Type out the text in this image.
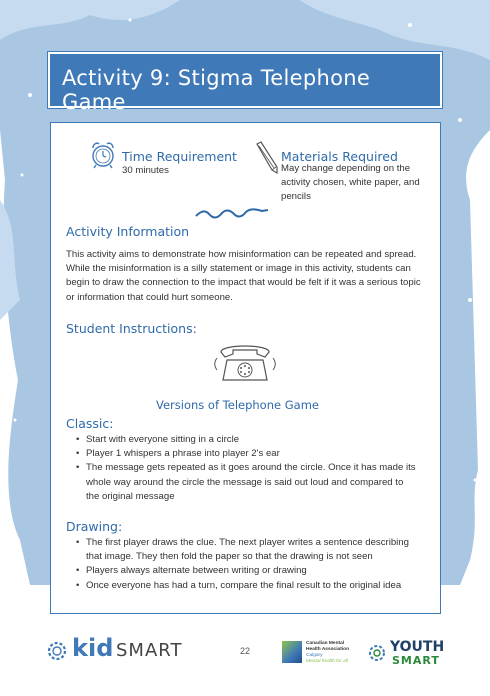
Activity 9: Stigma Telephone Game
Time Requirement
30 minutes
Materials Required
May change depending on the activity chosen, white paper, and pencils
Activity Information
This activity aims to demonstrate how misinformation can be repeated and spread. While the misinformation is a silly statement or image in this activity, students can begin to draw the connection to the impact that would be felt if it was a serious topic or information that could hurt someone.
Student Instructions:
Versions of Telephone Game
Classic:
• Start with everyone sitting in a circle
• Player 1 whispers a phrase into player 2's ear
• The message gets repeated as it goes around the circle. Once it has made its whole way around the circle the message is said out loud and compared to the original message
Drawing:
• The first player draws the clue. The next player writes a sentence describing that image. They then fold the paper so that the drawing is not seen
• Players always alternate between writing or drawing
• Once everyone has had a turn, compare the final result to the original idea
kid SMART	22
Canadian Mental
Health Association
Calgary
Mental health for all
YOUTH
SMART
